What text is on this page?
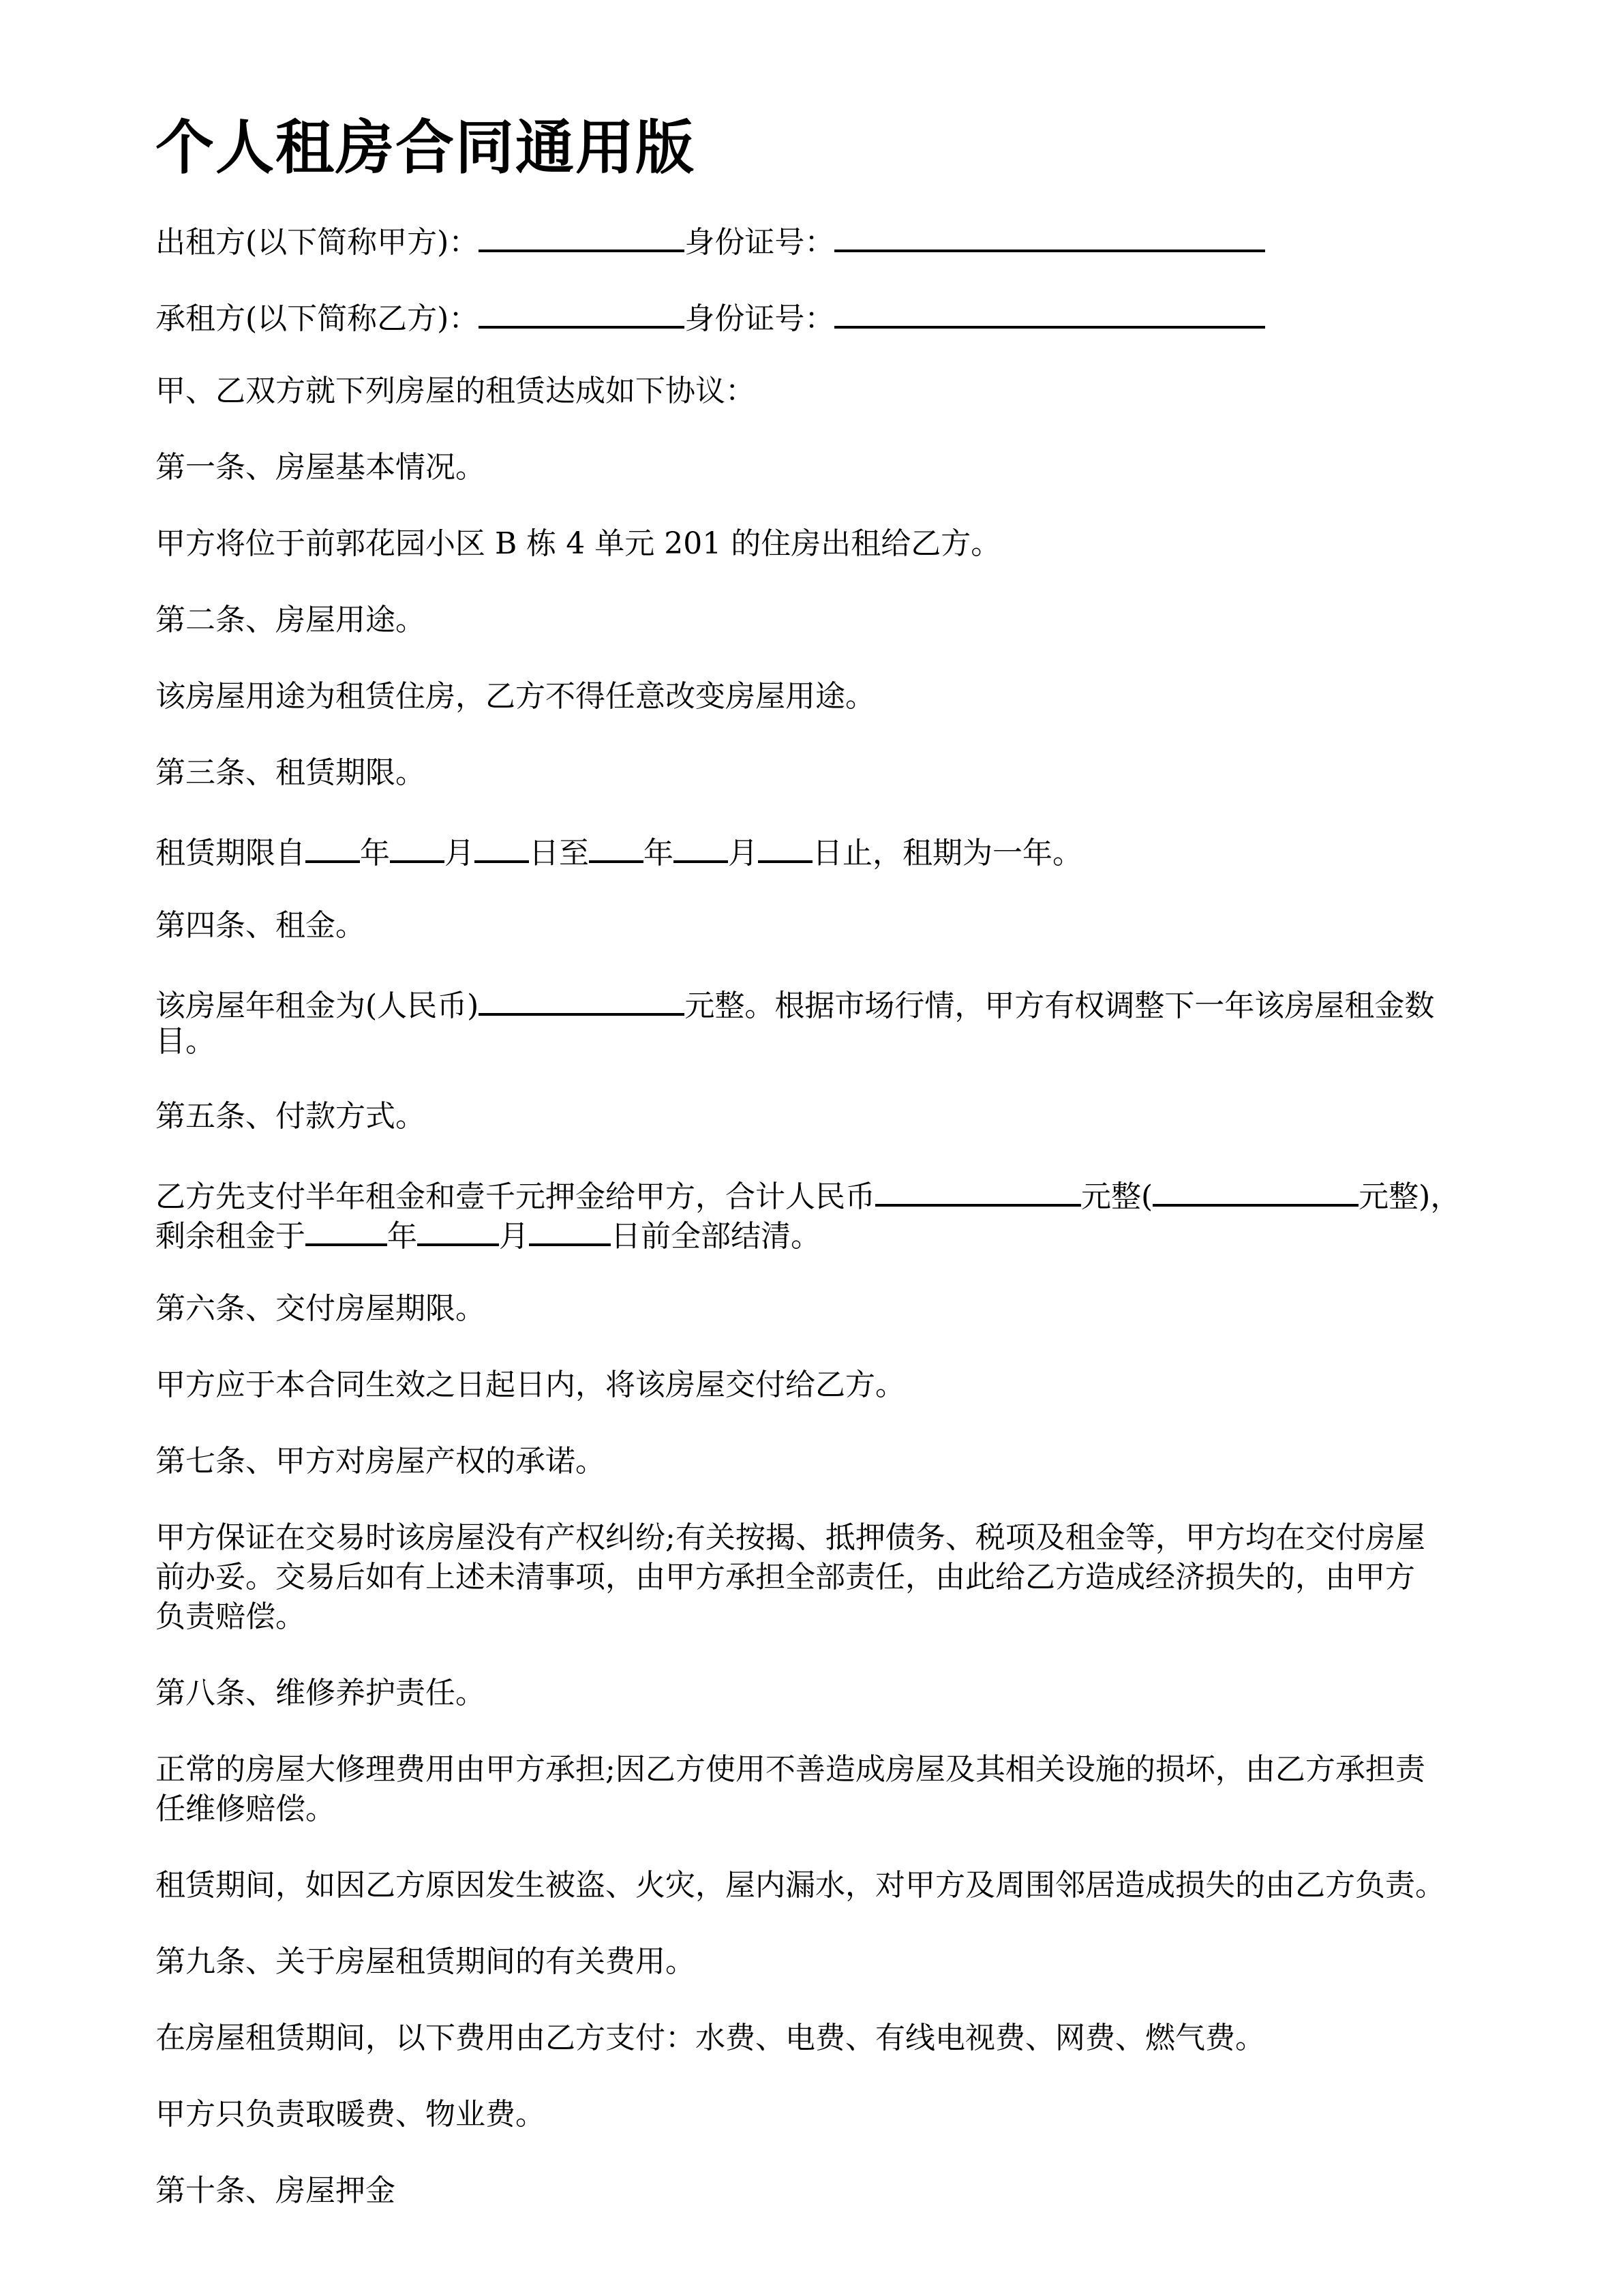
个人租房合同通用版

出租方(以下简称甲方)：	身份证号：

承租方(以下简称乙方)：	身份证号：

甲、乙双方就下列房屋的租赁达成如下协议：

第一条、房屋基本情况。

甲方将位于前郭花园小区 B 栋 4 单元 201 的住房出租给乙方。

第二条、房屋用途。

该房屋用途为租赁住房，乙方不得任意改变房屋用途。

第三条、租赁期限。

租赁期限自 年 月 日至 年 月 日止，租期为一年。

第四条、租金。

该房屋年租金为(人民币)	元整。根据市场行情，甲方有权调整下一年该房屋租金数

目。

第五条、付款方式。

乙方先支付半年租金和壹千元押金给甲方，合计人民币	元整(	元整)，

剩余租金于	年	月	日前全部结清。

第六条、交付房屋期限。

甲方应于本合同生效之日起日内，将该房屋交付给乙方。

第七条、甲方对房屋产权的承诺。

甲方保证在交易时该房屋没有产权纠纷;有关按揭、抵押债务、税项及租金等，甲方均在交付房屋

前办妥。交易后如有上述未清事项，由甲方承担全部责任，由此给乙方造成经济损失的，由甲方

负责赔偿。

第八条、维修养护责任。

正常的房屋大修理费用由甲方承担;因乙方使用不善造成房屋及其相关设施的损坏，由乙方承担责

任维修赔偿。

租赁期间，如因乙方原因发生被盗、火灾，屋内漏水，对甲方及周围邻居造成损失的由乙方负责。

第九条、关于房屋租赁期间的有关费用。

在房屋租赁期间，以下费用由乙方支付：水费、电费、有线电视费、网费、燃气费。

甲方只负责取暖费、物业费。

第十条、房屋押金
